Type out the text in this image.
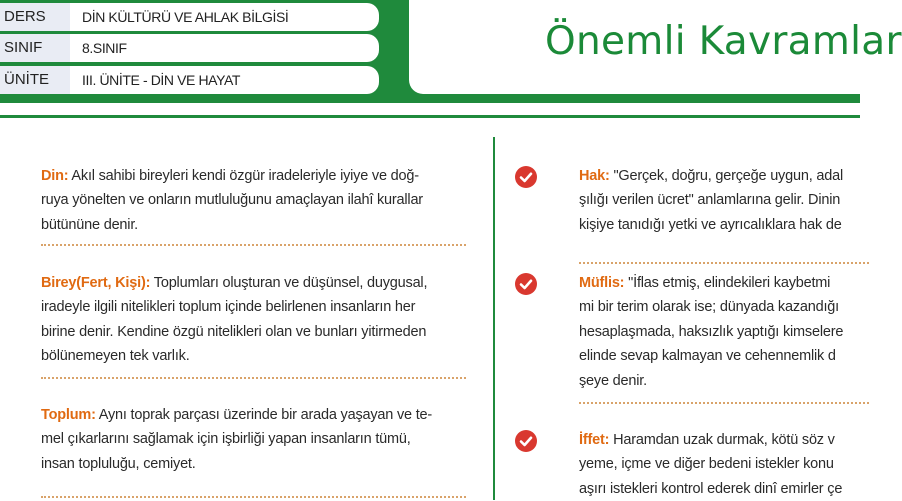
DERS	DİN KÜLTÜRÜ VE AHLAK BİLGİSİ
SINIF	8.SINIF
ÜNİTE	III. ÜNİTE - DİN VE HAYAT
Önemli Kavramlar
Din: Akıl sahibi bireyleri kendi özgür iradeleriyle iyiye ve doğ-
ruya yönelten ve onların mutluluğunu amaçlayan ilahî kurallar
bütününe denir.
Birey(Fert, Kişi): Toplumları oluşturan ve düşünsel, duygusal,
iradeyle ilgili nitelikleri toplum içinde belirlenen insanların her
birine denir. Kendine özgü nitelikleri olan ve bunları yitirmeden
bölünemeyen tek varlık.
Toplum: Aynı toprak parçası üzerinde bir arada yaşayan ve te-
mel çıkarlarını sağlamak için işbirliği yapan insanların tümü,
insan topluluğu, cemiyet.
Hak: "Gerçek, doğru, gerçeğe uygun, adal
şılığı verilen ücret" anlamlarına gelir. Dinin
kişiye tanıdığı yetki ve ayrıcalıklara hak de
Müflis: "İflas etmiş, elindekileri kaybetmi
mi bir terim olarak ise; dünyada kazandığı
hesaplaşmada, haksızlık yaptığı kimselere
elinde sevap kalmayan ve cehennemlik d
şeye denir.
İffet: Haramdan uzak durmak, kötü söz v
yeme, içme ve diğer bedeni istekler konu
aşırı istekleri kontrol ederek dinî emirler çe
